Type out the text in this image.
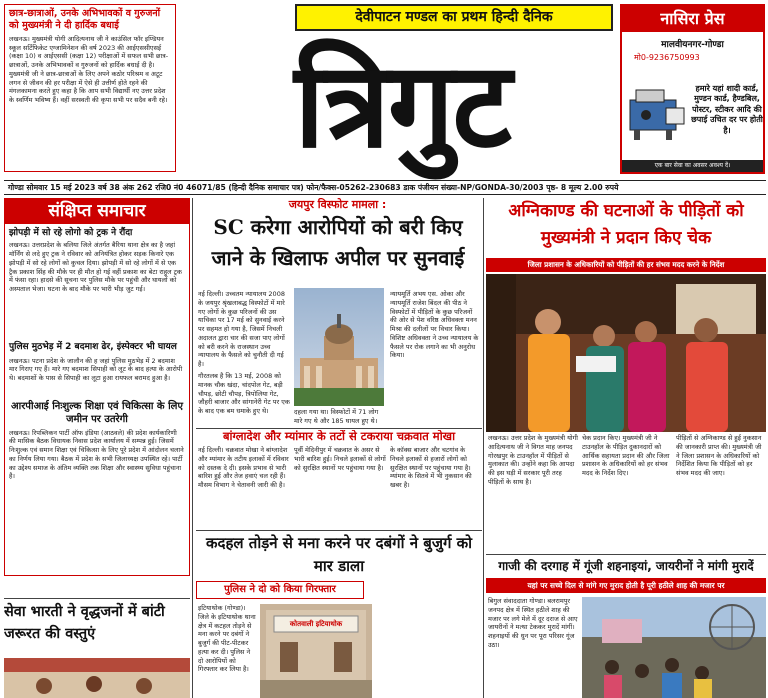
छात्र-छात्राओं, उनके अभिभावकों व गुरुजनों को मुख्यमंत्री ने दी हार्दिक बधाई
लखनऊ। मुख्यमंत्री योगी आदित्यनाथ जी ने काउंसिल फॉर इण्डियन स्कूल सर्टिफिकेट एग्जामिनेशन की वर्ष 2023 की आईएससीएसई (कक्षा 10) व आईएससी (कक्षा 12) परीक्षाओं में सफल सभी छात्र-छात्राओं, उनके अभिभावकों व गुरुजनों को हार्दिक बधाई दी है। मुख्यमंत्री जी ने छात्र-छात्राओं के लिए अपने कठोर परिश्रम व अटूट लगन से जीवन की हर परीक्षा में ऐसे ही उत्तीर्ण होते रहने की मंगलकामना करते हुए कहा है कि आप सभी विद्यार्थी नए उत्तर प्रदेश के स्वर्णिम भविष्य हैं। वहीं सरस्वती की कृपा सभी पर सदैव बनी रहे।
देवीपाटन मण्डल का प्रथम हिन्दी दैनिक
त्रिगुट
नासिरा प्रेस
मालवीयनगर-गोण्डा
मो0-9236750993
हमारे यहां शादी कार्ड, मुण्डन कार्ड, हैण्डबिल, पोस्टर, स्टीकर आदि की छपाई उचित दर पर होती है।
एक बार सेवा का अवसर अवश्य दें।
गोण्डा सोमवार 15 मई 2023 वर्ष 38 अंक 262 रजि0 नं0 46071/85 (हिन्दी दैनिक समाचार पत्र) फोन/फैक्स-05262-230683 डाक पंजीयन संख्या-NP/GONDA-30/2003 पृष्ठ- 8 मूल्य 2.00 रुपये
संक्षिप्त समाचार
झोपड़ी में सो रहे लोगो को ट्रक ने रौंदा
लखनऊ। उत्तरप्रदेश के बलिया जिले अंतर्गत बैरिया थाना क्षेत्र का है जहां मॉर्निंग से लदे हुए ट्रक ने रविवार को अनियंत्रित होकर सड़क किनारे एक झोपड़ी में सो रहे लोगों को कुचल दिया। झोपड़ी में सो रहे लोगों में से एक ट्रैक प्रकाश सिंह की मौके पर ही मौत हो गई वहीं प्रकाश का बेटा राहुल ट्रक में फंसा रहा। हादसे की सूचना पर पुलिस मौके पर पहुंची और घायलों को अस्पताल भेजा। घटना के बाद मौके पर भारी भीड़ जुट गई।
पुलिस मुठभेड़ में 2 बदमाश ढेर, इंस्पेक्टर भी घायल
लखनऊ। पटना प्रदेश के जालौन की ह जहां पुलिस मुठभेड़ में 2 बदमाश मार गिराए गए हैं। मारे गए बदमाश सिपाही को लूट के बाद हत्या के आरोपी थे। बदमाशों के पास से सिपाही का लूटा हुआ रायफल बरामद हुआ है।
आरपीआई निःशुल्क शिक्षा एवं चिकित्सा के लिए जमीन पर उतरेगी
लखनऊ। रिपब्लिकन पार्टी ऑफ इंडिया (आठवले) की प्रदेश कार्यकारिणी की मासिक बैठक विधायक निवास प्रदेश कार्यालय में सम्पन्न हुई। जिसमें निःशुल्क एवं समान शिक्षा एवं चिकित्सा के लिए पूरे प्रदेश में आंदोलन चलाने का निर्णय लिया गया। बैठक में प्रदेश के सभी जिलाध्यक्ष उपस्थित रहे। पार्टी का उद्देश्य समाज के अंतिम व्यक्ति तक शिक्षा और स्वास्थ्य सुविधा पहुंचाना है।
जयपुर विस्फोट मामला :
SC करेगा आरोपियों को बरी किए जाने के खिलाफ अपील पर सुनवाई
नई दिल्ली। उच्चतम न्यायालय 2008 के जयपुर श्रृंखलाबद्ध विस्फोटों में मारे गए लोगों के कुछ परिजनों की उस याचिका पर 17 मई को सुनवाई करने पर सहमत हो गया है, जिसमें निचली अदालत द्वारा चार की सजा पाए लोगों को बरी करने के राजस्थान उच्च न्यायालय के फैसले को चुनौती दी गई है।
गौरतलब है कि 13 मई, 2008 को मानक चौक खंदा, चांदपोल गेट, बड़ी चौपड़, छोटी चौपड़, त्रिपोलिया गेट, जौहरी बाजार और सांगानेरी गेट पर एक के बाद एक बम धमाके हुए थे।	दहला गया था। विस्फोटों में 71 लोग मारे गए थे और 185 घायल हुए थे।
न्यायमूर्ति अभय एस. ओका और न्यायमूर्ति राजेश बिंदल की पीठ ने विस्फोटों में पीड़ितों के कुछ परिजनों की ओर से पेश वरिष्ठ अधिवक्ता मनन मिश्रा की दलीलों पर विचार किया। विशिष्ट अधिवक्ता ने उच्च न्यायालय के फैसले पर रोक लगाने का भी अनुरोध किया।
बांग्लादेश और म्यांमार के तटों से टकराया चक्रवात मोखा
नई दिल्ली। चक्रवात मोखा ने बांग्लादेश और म्यांमार के तटीय इलाकों में रविवार को दस्तक दे दी। इसके प्रभाव से भारी बारिश हुई और तेज हवाएं चल रही हैं। मौसम विभाग ने चेतावनी जारी की है।
पूर्वी मेदिनीपुर में चक्रवात के असर से भारी बारिश हुई। निचले इलाकों से लोगों को सुरक्षित स्थानों पर पहुंचाया गया है।
के कॉक्स बाजार और चटगांव के निचले इलाकों से हजारों लोगों को सुरक्षित स्थानों पर पहुंचाया गया है। म्यांमार के सितवे में भी नुकसान की खबर है।
अग्निकाण्ड की घटनाओं के पीड़ितों को मुख्यमंत्री ने प्रदान किए चेक
जिला प्रशासन के अधिकारियों को पीड़ितों की हर संभव मदद करने के निर्देश
लखनऊ। उत्तर प्रदेश के मुख्यमंत्री योगी आदित्यनाथ जी ने विगत माह जनपद गोरखपुर के टाउनहॉल में पीड़ितों से मुलाकात की। उन्होंने कहा कि आपदा की इस घड़ी में सरकार पूरी तरह पीड़ितों के साथ है।
चेक प्रदान किए। मुख्यमंत्री जी ने टाउनहॉल के पीड़ित दुकानदारों को आर्थिक सहायता प्रदान की और जिला प्रशासन के अधिकारियों को हर संभव मदद के निर्देश दिए।
पीड़ितों से अग्निकाण्ड से हुई नुकसान की जानकारी प्राप्त की। मुख्यमंत्री जी ने जिला प्रशासन के अधिकारियों को निर्देशित किया कि पीड़ितों को हर संभव मदद की जाए।
कदहल तोड़ने से मना करने पर दबंगों ने बुजुर्ग को मार डाला
पुलिस ने दो को किया गिरफ्तार
कोतवाली इटियाथोक
इटियाथोक (गोण्डा)। जिले के इटियाथोक थाना क्षेत्र में कटहल तोड़ने से मना करने पर दबंगों ने बुजुर्ग की पीट-पीटकर हत्या कर दी। पुलिस ने दो आरोपियों को गिरफ्तार कर लिया है।
गाजी की दरगाह में गूंजी शहनाइयां, जायरीनों ने मांगी मुरादें
यहां पर सच्चे दिल से मांगे गए मुराद होती है पूरी हठीले शाह की मजार पर
बिगुल संवाददाता गोण्डा। बलरामपुर जनपद क्षेत्र में स्थित हठीले शाह की मजार पर लगे मेले में दूर दराज से आए जायरीनों ने मत्था टेककर मुरादें मांगीं। शहनाइयों की धुन पर पूरा परिसर गूंज उठा।
सेवा भारती ने वृद्धजनों में बांटी जरूरत की वस्तुएं
